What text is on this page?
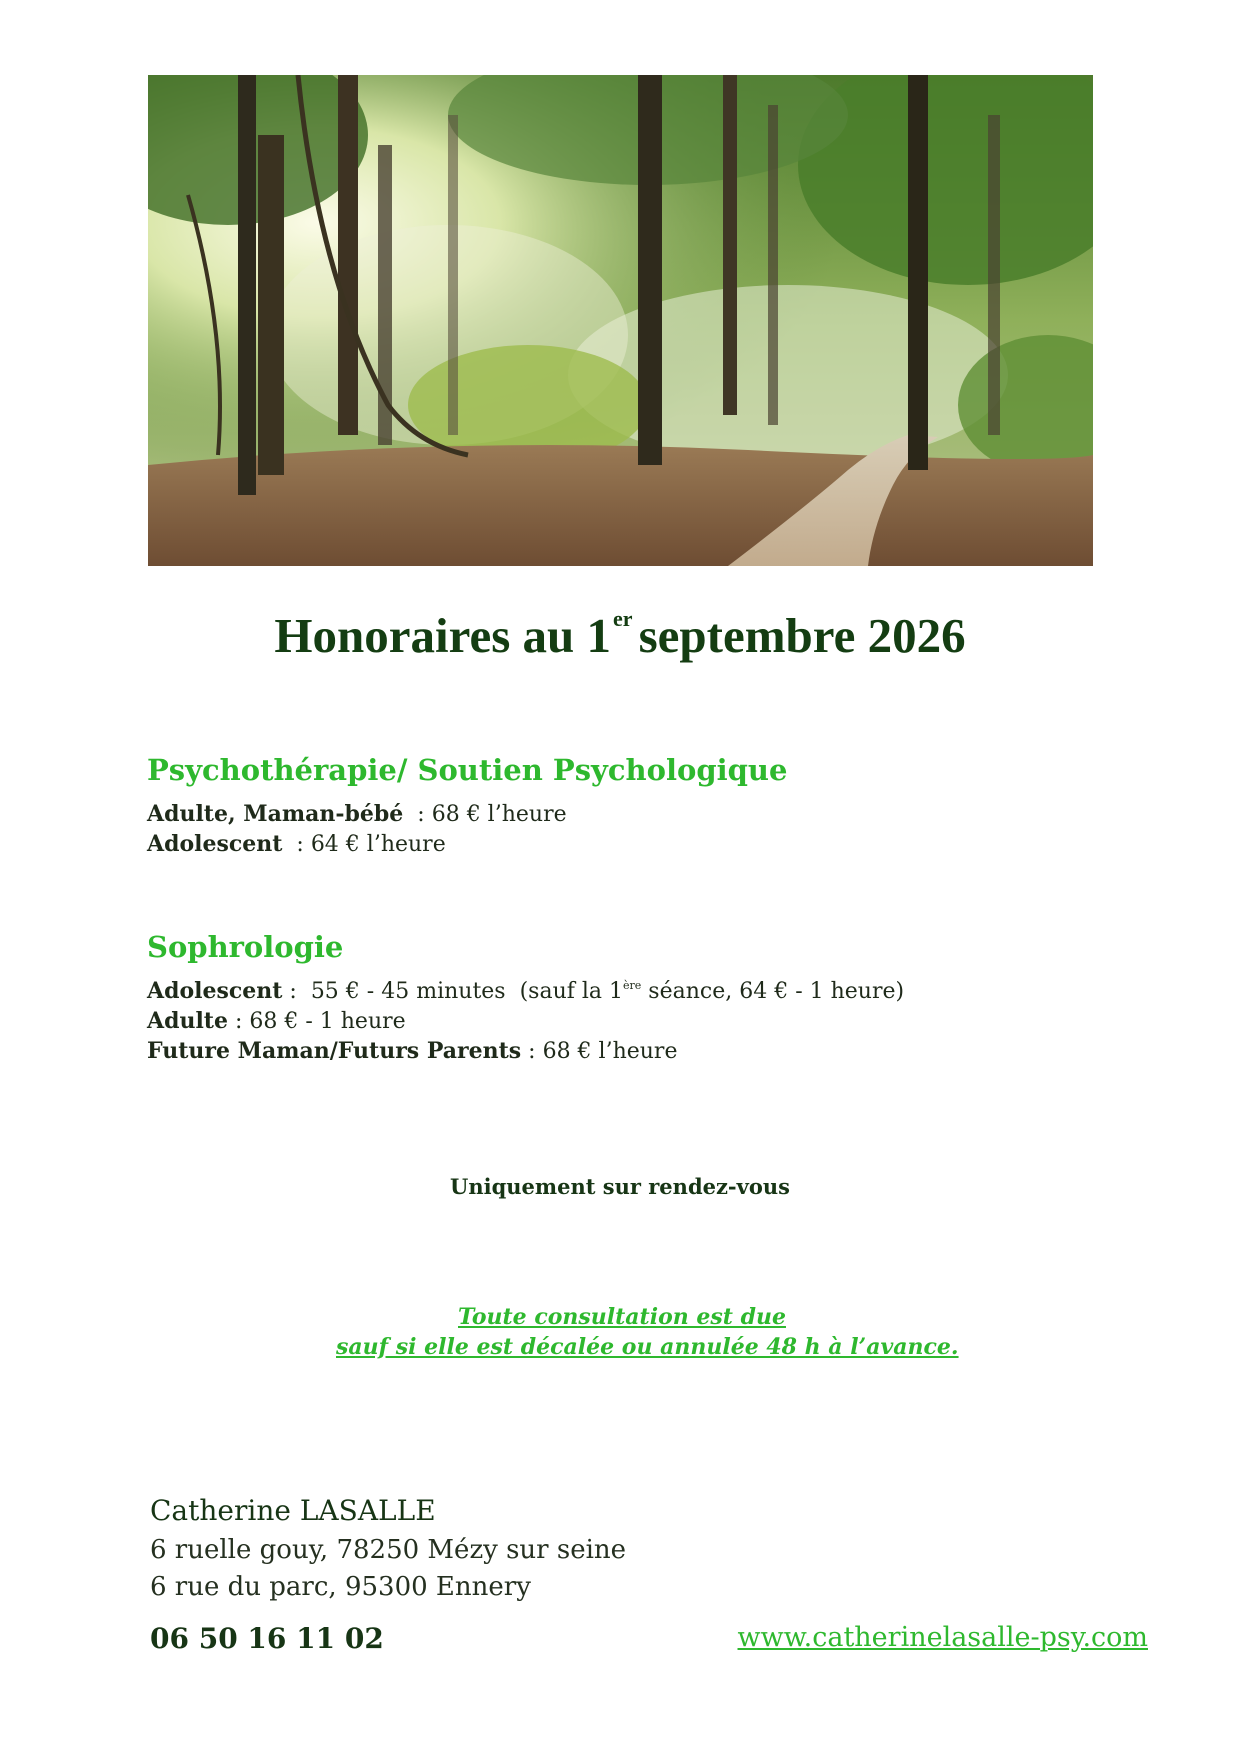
Honoraires au 1er septembre 2026
Psychothérapie/ Soutien Psychologique
Adulte, Maman-bébé  : 68 € l’heure
Adolescent  : 64 € l’heure
Sophrologie
Adolescent :  55 € - 45 minutes  (sauf la 1ère séance, 64 € - 1 heure)
Adulte : 68 € - 1 heure
Future Maman/Futurs Parents : 68 € l’heure
Uniquement sur rendez-vous
Toute consultation est due
sauf si elle est décalée ou annulée 48 h à l’avance.
Catherine LASALLE
6 ruelle gouy, 78250 Mézy sur seine
6 rue du parc, 95300 Ennery
06 50 16 11 02	www.catherinelasalle-psy.com
